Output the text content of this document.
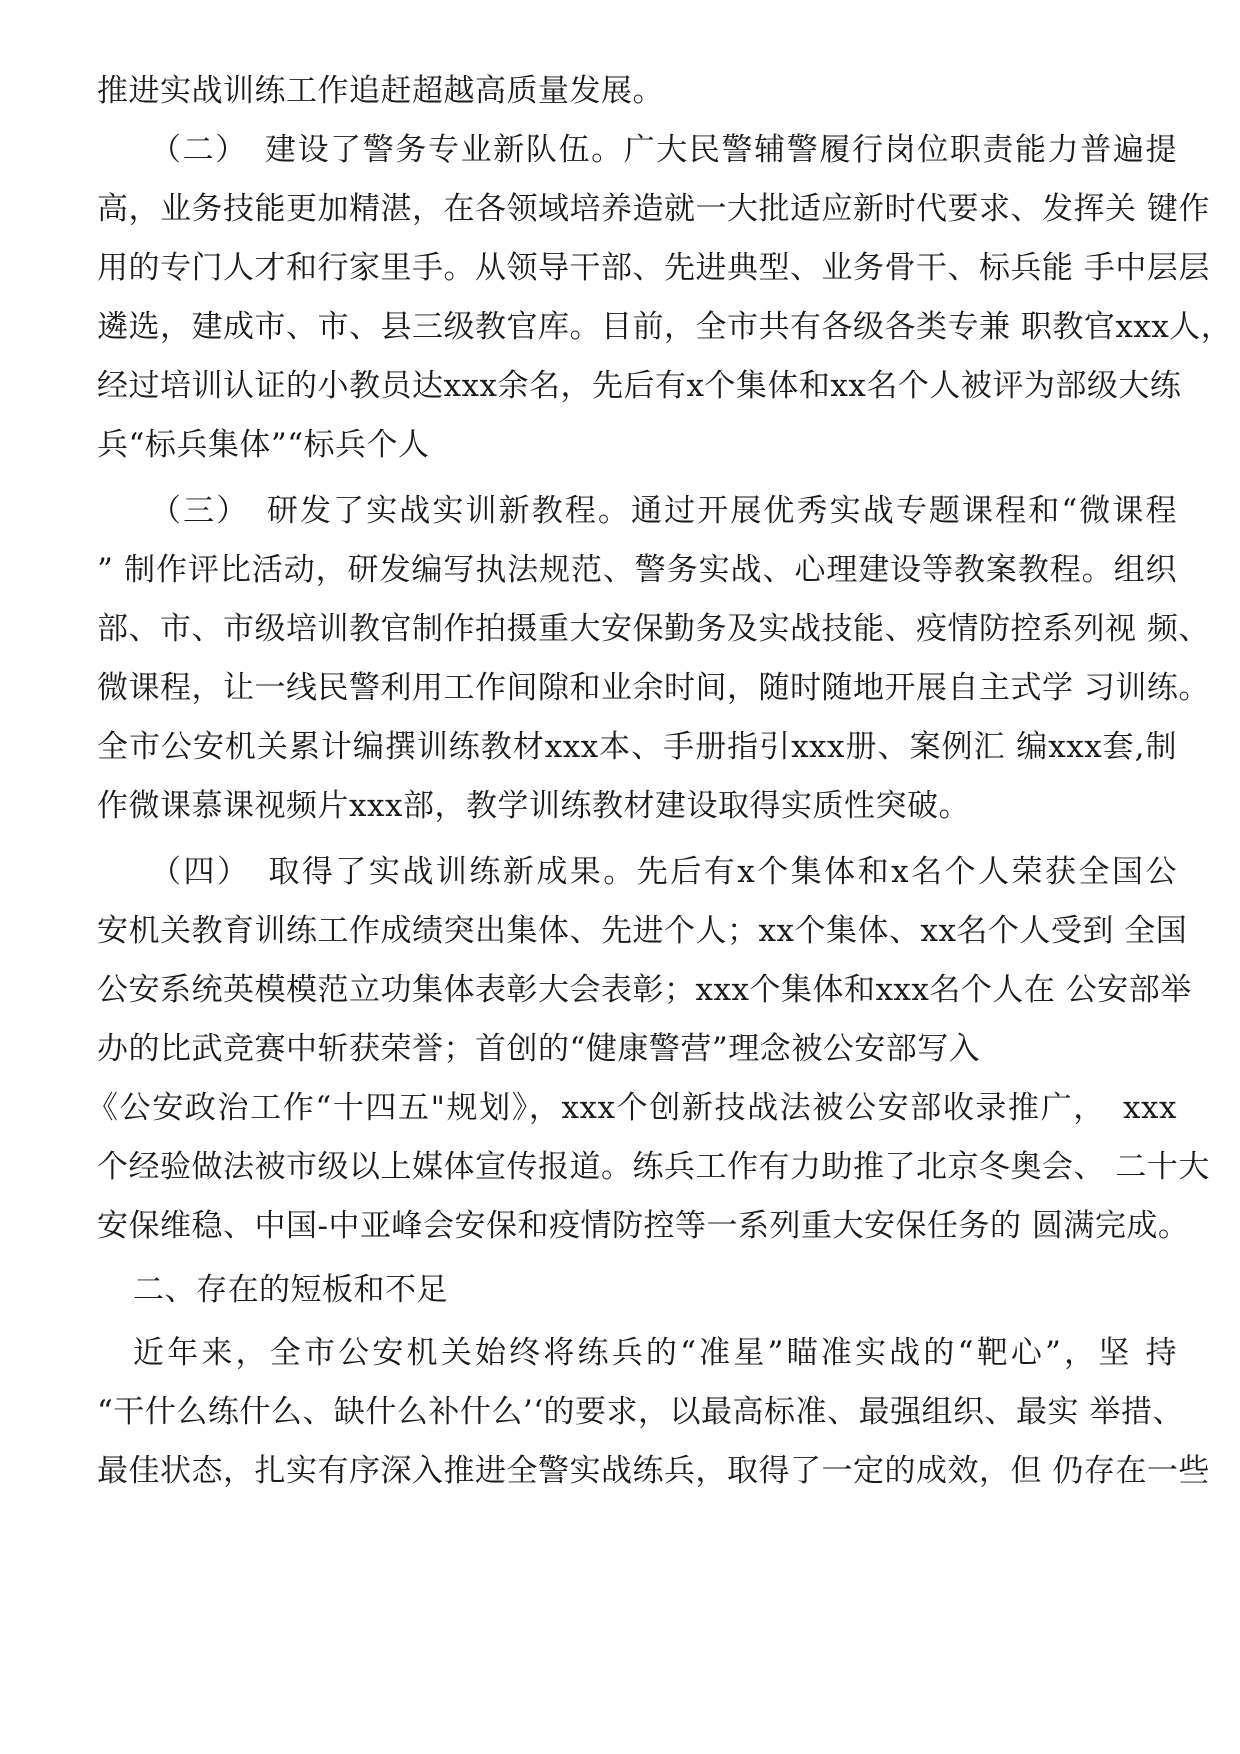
推进实战训练工作追赶超越高质量发展。
（二）　建设了警务专业新队伍。广大民警辅警履行岗位职责能力普遍提
高，业务技能更加精湛，在各领域培养造就一大批适应新时代要求、发挥关 键作
用的专门人才和行家里手。从领导干部、先进典型、业务骨干、标兵能 手中层层
遴选，建成市、市、县三级教官库。目前，全市共有各级各类专兼 职教官xxx人，
经过培训认证的小教员达xxx余名，先后有x个集体和xx名个人被评为部级大练
兵“标兵集体”“标兵个人
（三）　研发了实战实训新教程。通过开展优秀实战专题课程和“微课程
” 制作评比活动，研发编写执法规范、警务实战、心理建设等教案教程。组织
部、市、市级培训教官制作拍摄重大安保勤务及实战技能、疫情防控系列视 频、
微课程，让一线民警利用工作间隙和业余时间，随时随地开展自主式学 习训练。
全市公安机关累计编撰训练教材xxx本、手册指引xxx册、案例汇 编xxx套,制
作微课慕课视频片xxx部，教学训练教材建设取得实质性突破。
（四）　取得了实战训练新成果。先后有x个集体和x名个人荣获全国公
安机关教育训练工作成绩突出集体、先进个人；xx个集体、xx名个人受到 全国
公安系统英模模范立功集体表彰大会表彰；xxx个集体和xxx名个人在 公安部举
办的比武竞赛中斩获荣誉；首创的“健康警营”理念被公安部写入
《公安政治工作“十四五"规划》，xxx个创新技战法被公安部收录推广，　xxx
个经验做法被市级以上媒体宣传报道。练兵工作有力助推了北京冬奥会、 二十大
安保维稳、中国-中亚峰会安保和疫情防控等一系列重大安保任务的 圆满完成。
二、存在的短板和不足
近年来，全市公安机关始终将练兵的“准星”瞄准实战的“靶心”，坚 持
“干什么练什么、缺什么补什么’‘的要求，以最高标准、最强组织、最实 举措、
最佳状态，扎实有序深入推进全警实战练兵，取得了一定的成效，但 仍存在一些
